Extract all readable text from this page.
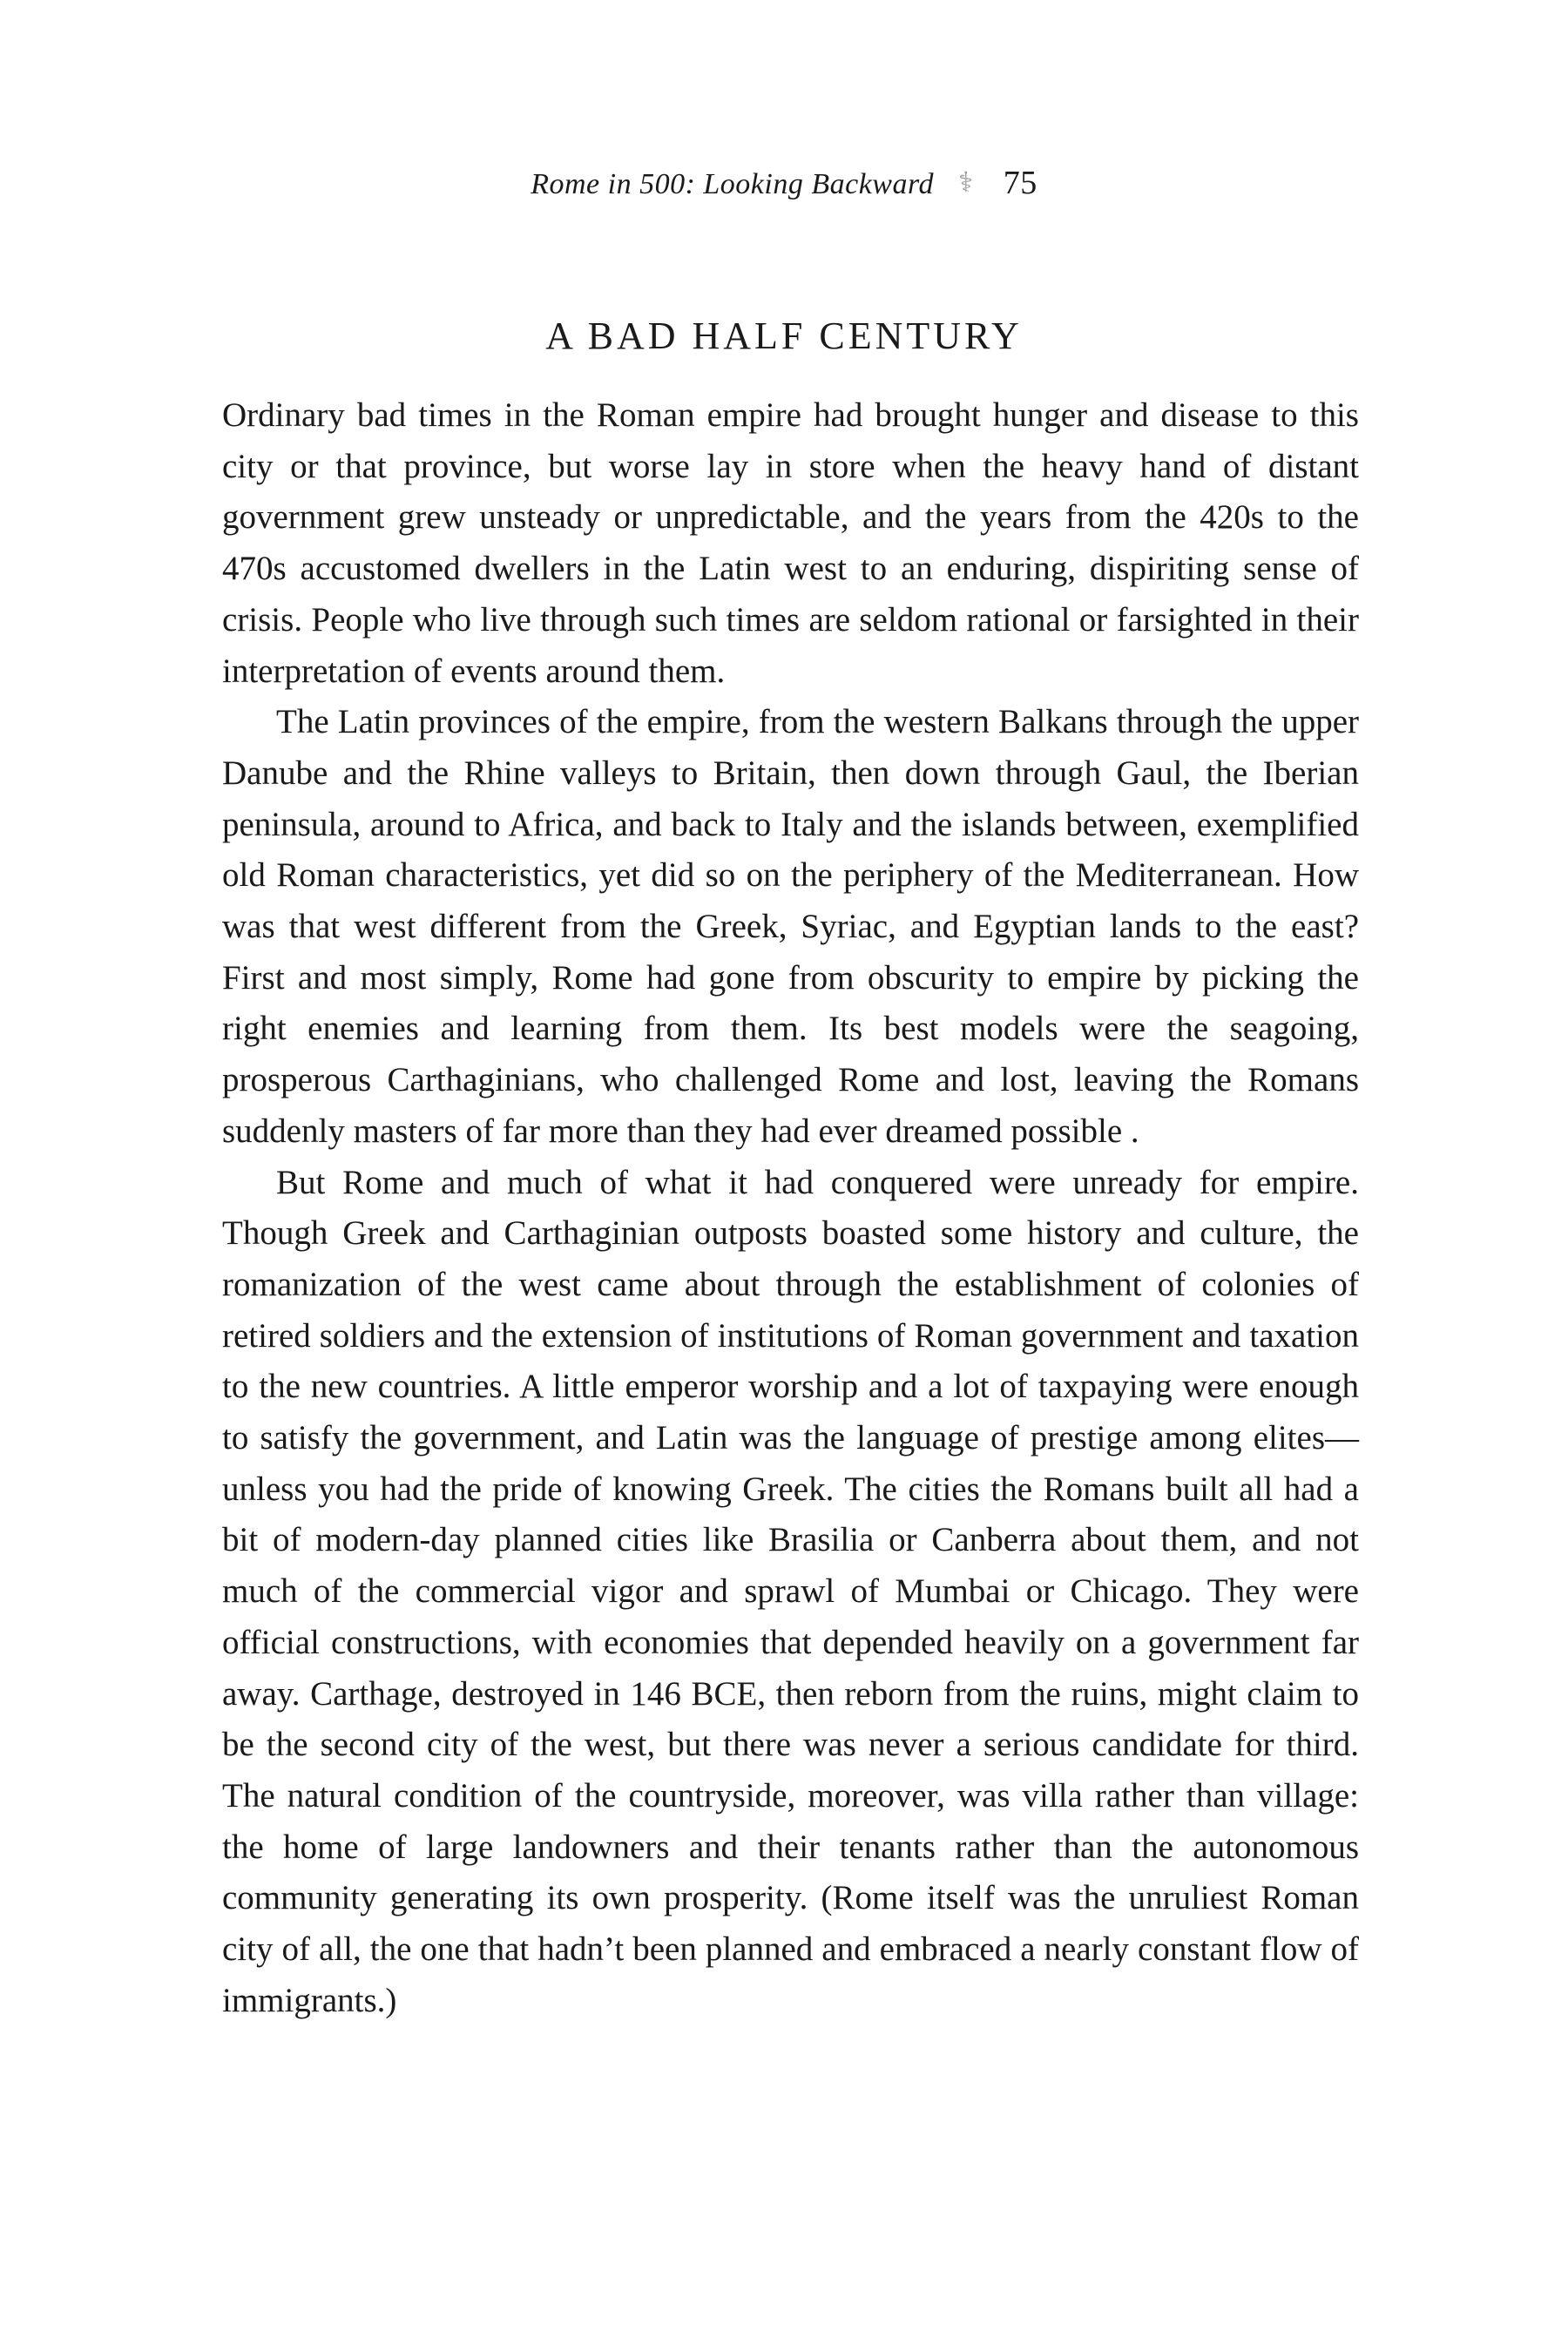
Rome in 500: Looking Backward ⚕ 75
A BAD HALF CENTURY

Ordinary bad times in the Roman empire had brought hunger and disease to this city or that province, but worse lay in store when the heavy hand of distant government grew unsteady or unpredictable, and the years from the 420s to the 470s accustomed dwellers in the Latin west to an enduring, dispiriting sense of crisis. People who live through such times are seldom rational or farsighted in their interpretation of events around them.

The Latin provinces of the empire, from the western Balkans through the upper Danube and the Rhine valleys to Britain, then down through Gaul, the Iberian peninsula, around to Africa, and back to Italy and the islands between, exemplified old Roman characteristics, yet did so on the periphery of the Mediterranean. How was that west different from the Greek, Syriac, and Egyptian lands to the east? First and most simply, Rome had gone from obscurity to empire by picking the right enemies and learning from them. Its best models were the seagoing, prosperous Carthaginians, who challenged Rome and lost, leaving the Romans suddenly masters of far more than they had ever dreamed possible .

But Rome and much of what it had conquered were unready for empire. Though Greek and Carthaginian outposts boasted some history and culture, the romanization of the west came about through the establishment of colonies of retired soldiers and the extension of institutions of Roman government and taxation to the new countries. A little emperor worship and a lot of taxpaying were enough to satisfy the government, and Latin was the language of prestige among elites—unless you had the pride of knowing Greek. The cities the Romans built all had a bit of modern-day planned cities like Brasilia or Canberra about them, and not much of the commercial vigor and sprawl of Mumbai or Chicago. They were official constructions, with economies that depended heavily on a government far away. Carthage, destroyed in 146 BCE, then reborn from the ruins, might claim to be the second city of the west, but there was never a serious candidate for third. The natural condition of the countryside, moreover, was villa rather than village: the home of large landowners and their tenants rather than the autonomous community generating its own prosperity. (Rome itself was the unruliest Roman city of all, the one that hadn’t been planned and embraced a nearly constant flow of immigrants.)
